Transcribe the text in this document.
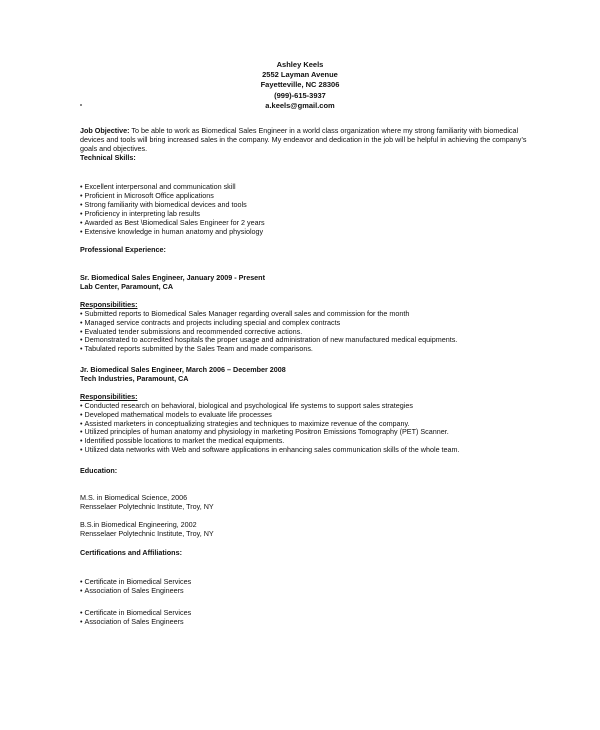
Ashley Keels
2552 Layman Avenue
Fayetteville, NC 28306
(999)-615-3937
a.keels@gmail.com
Job Objective: To be able to work as Biomedical Sales Engineer in a world class organization where my strong familiarity with biomedical devices and tools will bring increased sales in the company. My endeavor and dedication in the job will be helpful in achieving the company’s goals and objectives.
Technical Skills:
• Excellent interpersonal and communication skill
• Proficient in Microsoft Office applications
• Strong familiarity with biomedical devices and tools
• Proficiency in interpreting lab results
• Awarded as Best \Biomedical Sales Engineer for 2 years
• Extensive knowledge in human anatomy and physiology
Professional Experience:
Sr. Biomedical Sales Engineer, January 2009 - Present
Lab Center, Paramount, CA
Responsibilities:
• Submitted reports to Biomedical Sales Manager regarding overall sales and commission for the month
• Managed service contracts and projects including special and complex contracts
• Evaluated tender submissions and recommended corrective actions.
• Demonstrated to accredited hospitals the proper usage and administration of new manufactured medical equipments.
• Tabulated reports submitted by the Sales Team and made comparisons.
Jr. Biomedical Sales Engineer, March 2006 – December 2008
Tech Industries, Paramount, CA
Responsibilities:
• Conducted research on behavioral, biological and psychological life systems to support sales strategies
• Developed mathematical models to evaluate life processes
• Assisted marketers in conceptualizing strategies and techniques to maximize revenue of the company.
• Utilized principles of human anatomy and physiology in marketing Positron Emissions Tomography (PET) Scanner.
• Identified possible locations to market the medical equipments.
• Utilized data networks with Web and software applications in enhancing sales communication skills of the whole team.
Education:
M.S. in Biomedical Science, 2006
Rensselaer Polytechnic Institute, Troy, NY
B.S.in Biomedical Engineering, 2002
Rensselaer Polytechnic Institute, Troy, NY
Certifications and Affiliations:
• Certificate in Biomedical Services
• Association of Sales Engineers
• Certificate in Biomedical Services
• Association of Sales Engineers
